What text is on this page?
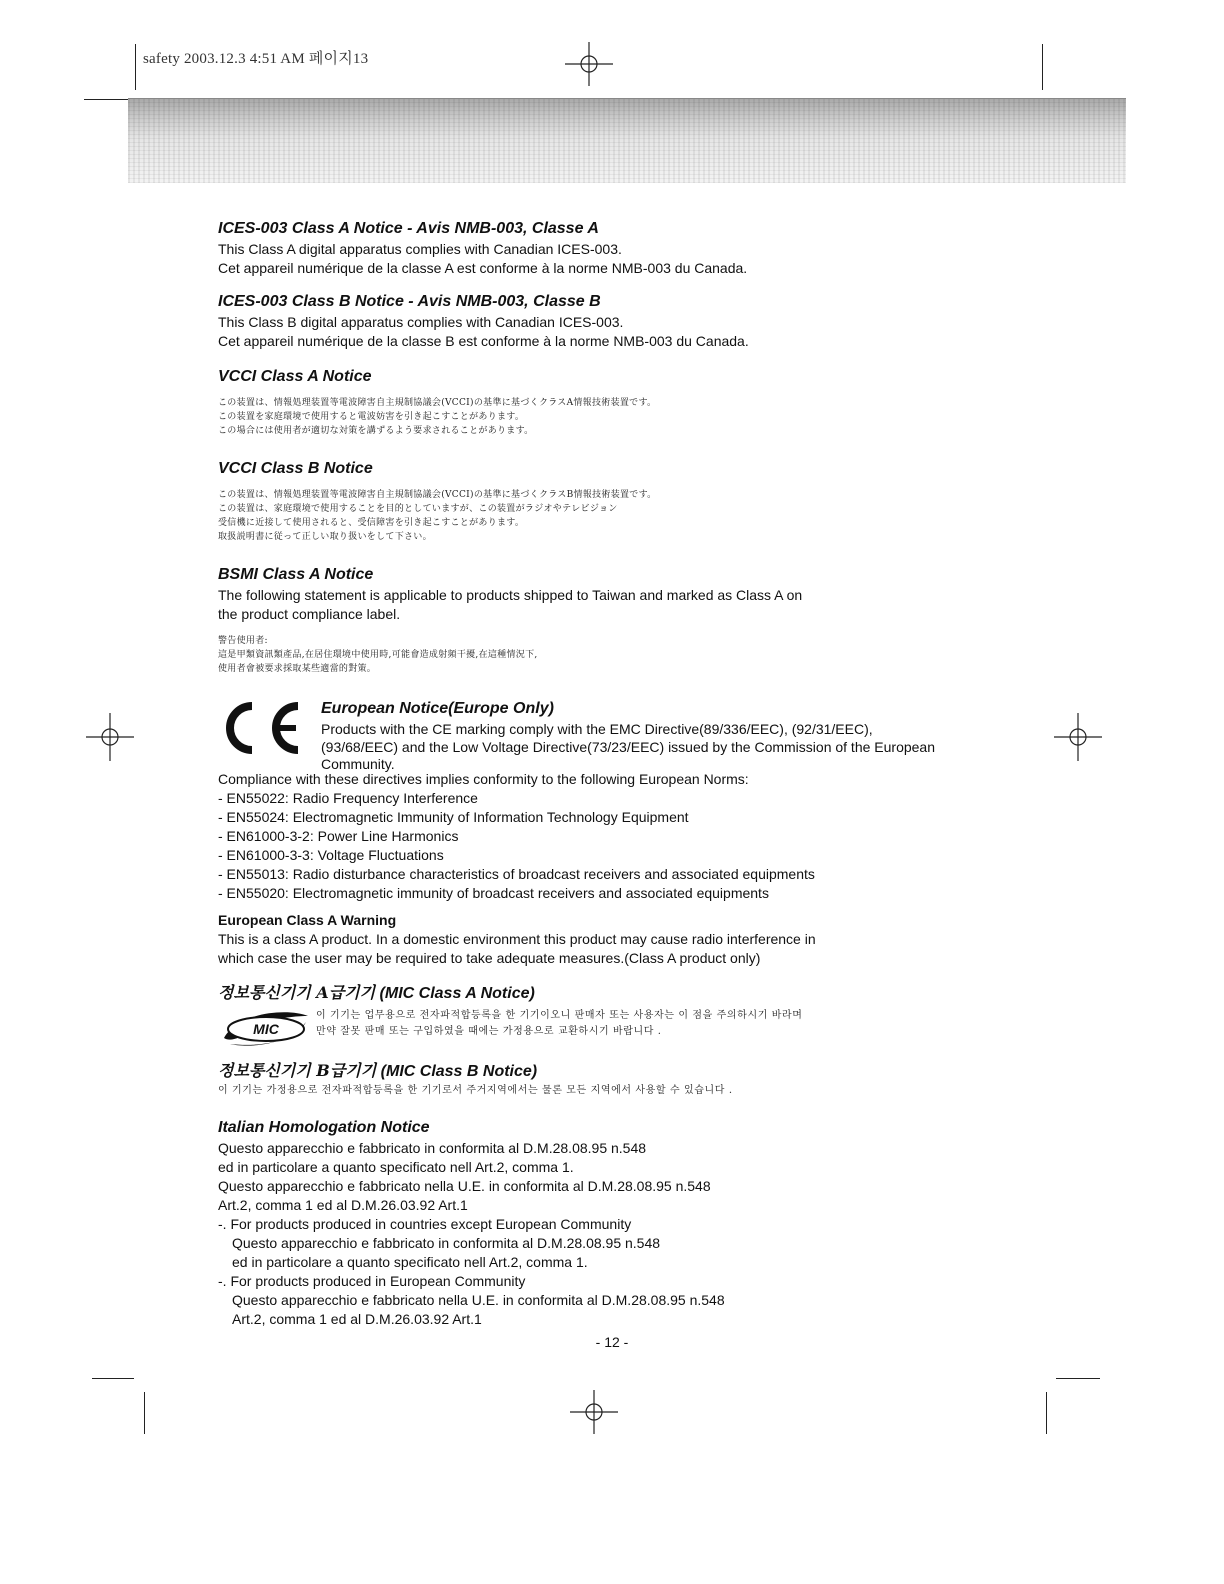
safety 2003.12.3 4:51 AM 페이지13
ICES-003 Class A Notice - Avis NMB-003, Classe A

This Class A digital apparatus complies with Canadian ICES-003.

Cet appareil numérique de la classe A est conforme à la norme NMB-003 du Canada.

ICES-003 Class B Notice - Avis NMB-003, Classe B

This Class B digital apparatus complies with Canadian ICES-003.

Cet appareil numérique de la classe B est conforme à la norme NMB-003 du Canada.

VCCI Class A Notice
この装置は、情報処理装置等電波障害自主規制協議会(VCCI)の基準に基づくクラスA情報技術装置です。
この装置を家庭環境で使用すると電波妨害を引き起こすことがあります。
この場合には使用者が適切な対策を講ずるよう要求されることがあります。
VCCI Class B Notice
この装置は、情報処理装置等電波障害自主規制協議会(VCCI)の基準に基づくクラスB情報技術装置です。
この装置は、家庭環境で使用することを目的としていますが、この装置がラジオやテレビジョン
受信機に近接して使用されると、受信障害を引き起こすことがあります。
取扱説明書に従って正しい取り扱いをして下さい。
BSMI Class A Notice

The following statement is applicable to products shipped to Taiwan and marked as Class A on

the product compliance label.

警告使用者:
這是甲類資訊類產品,在居住環境中使用時,可能會造成射頻干擾,在這種情況下,
使用者會被要求採取某些適當的對策。
European Notice(Europe Only)

Products with the CE marking comply with the EMC Directive(89/336/EEC), (92/31/EEC),

(93/68/EEC) and the Low Voltage Directive(73/23/EEC) issued by the Commission of the European

Community.

Compliance with these directives implies conformity to the following European Norms:

- EN55022: Radio Frequency Interference
- EN55024: Electromagnetic Immunity of Information Technology Equipment
- EN61000-3-2: Power Line Harmonics
- EN61000-3-3: Voltage Fluctuations
- EN55013: Radio disturbance characteristics of broadcast receivers and associated equipments
- EN55020: Electromagnetic immunity of broadcast receivers and associated equipments
European Class A Warning

This is a class A product. In a domestic environment this product may cause radio interference in

which case the user may be required to take adequate measures.(Class A product only)

정보통신기기 A급기기 (MIC Class A Notice)
MIC
이 기기는 업무용으로 전자파적합등록을 한 기기이오니 판매자 또는 사용자는 이 점을 주의하시기 바라며
만약 잘못 판매 또는 구입하였을 때에는 가정용으로 교환하시기 바랍니다 .
정보통신기기 B급기기 (MIC Class B Notice)
이 기기는 가정용으로 전자파적합등록을 한 기기로서 주거지역에서는 물론 모든 지역에서 사용할 수 있습니다 .
Italian Homologation Notice

Questo apparecchio e fabbricato in conformita al D.M.28.08.95 n.548

ed in particolare a quanto specificato nell Art.2, comma 1.

Questo apparecchio e fabbricato nella U.E. in conformita al D.M.28.08.95 n.548

Art.2, comma 1 ed al D.M.26.03.92 Art.1

-. For products produced in countries except European Community

Questo apparecchio e fabbricato in conformita al D.M.28.08.95 n.548

ed in particolare a quanto specificato nell Art.2, comma 1.

-. For products produced in European Community

Questo apparecchio e fabbricato nella U.E. in conformita al D.M.28.08.95 n.548

Art.2, comma 1 ed al D.M.26.03.92 Art.1

- 12 -
